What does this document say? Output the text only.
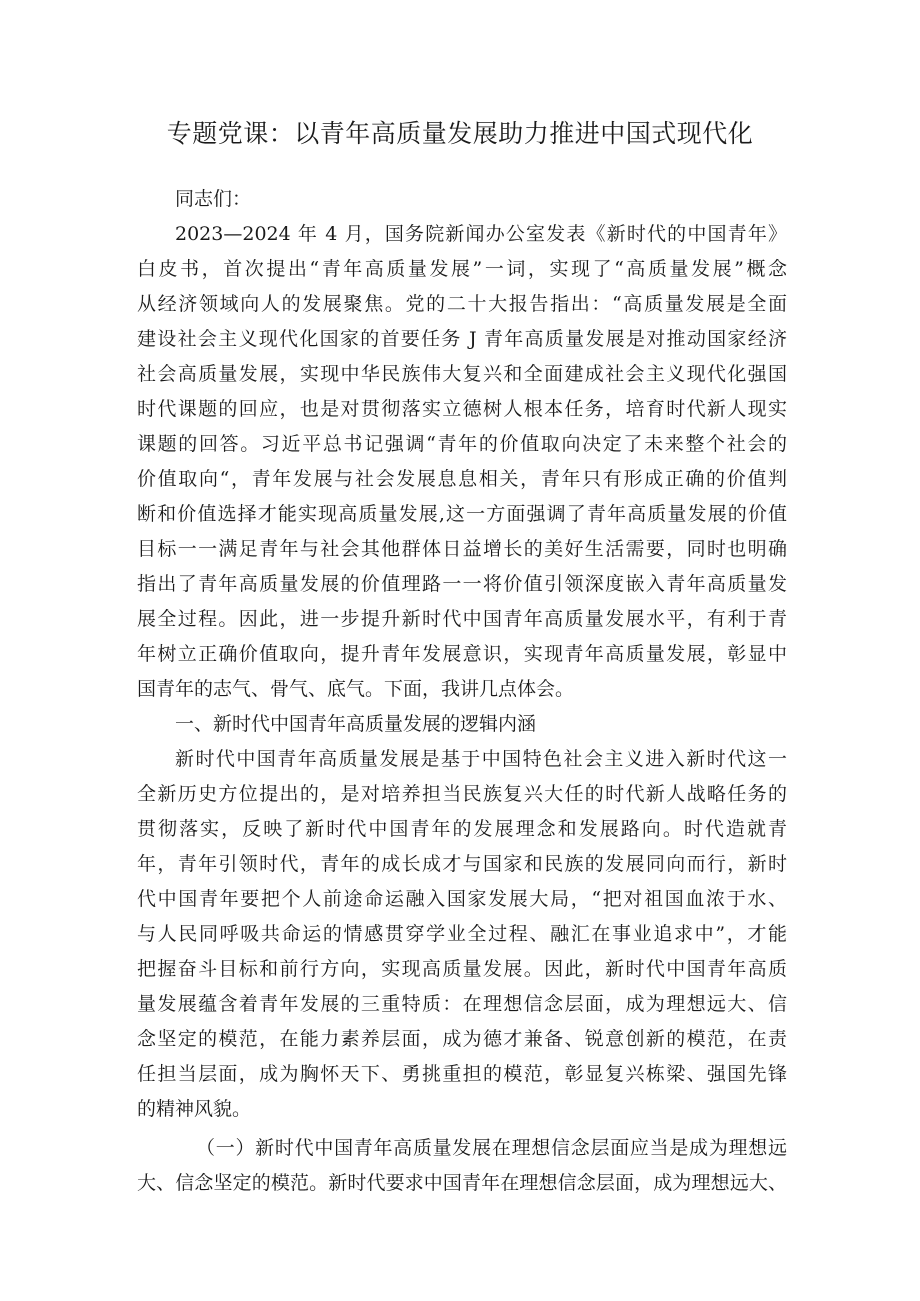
专题党课：以青年高质量发展助力推进中国式现代化
同志们：
2023—2024 年 4 月，国务院新闻办公室发表《新时代的中国青年》
白皮书，首次提出“青年高质量发展”一词，实现了“高质量发展”概念
从经济领域向人的发展聚焦。党的二十大报告指出：“高质量发展是全面
建设社会主义现代化国家的首要任务 J 青年高质量发展是对推动国家经济
社会高质量发展，实现中华民族伟大复兴和全面建成社会主义现代化强国
时代课题的回应，也是对贯彻落实立德树人根本任务，培育时代新人现实
课题的回答。习近平总书记强调“青年的价值取向决定了未来整个社会的
价值取向“，青年发展与社会发展息息相关，青年只有形成正确的价值判
断和价值选择才能实现高质量发展,这一方面强调了青年高质量发展的价值
目标一一满足青年与社会其他群体日益增长的美好生活需要，同时也明确
指出了青年高质量发展的价值理路一一将价值引领深度嵌入青年高质量发
展全过程。因此，进一步提升新时代中国青年高质量发展水平，有利于青
年树立正确价值取向，提升青年发展意识，实现青年高质量发展，彰显中
国青年的志气、骨气、底气。下面，我讲几点体会。
一、新时代中国青年高质量发展的逻辑内涵
新时代中国青年高质量发展是基于中国特色社会主义进入新时代这一
全新历史方位提出的，是对培养担当民族复兴大任的时代新人战略任务的
贯彻落实，反映了新时代中国青年的发展理念和发展路向。时代造就青
年，青年引领时代，青年的成长成才与国家和民族的发展同向而行，新时
代中国青年要把个人前途命运融入国家发展大局，“把对祖国血浓于水、
与人民同呼吸共命运的情感贯穿学业全过程、融汇在事业追求中”，才能
把握奋斗目标和前行方向，实现高质量发展。因此，新时代中国青年高质
量发展蕴含着青年发展的三重特质：在理想信念层面，成为理想远大、信
念坚定的模范，在能力素养层面，成为德才兼备、锐意创新的模范，在责
任担当层面，成为胸怀天下、勇挑重担的模范，彰显复兴栋梁、强国先锋
的精神风貌。
（一）新时代中国青年高质量发展在理想信念层面应当是成为理想远
大、信念坚定的模范。新时代要求中国青年在理想信念层面，成为理想远大、
